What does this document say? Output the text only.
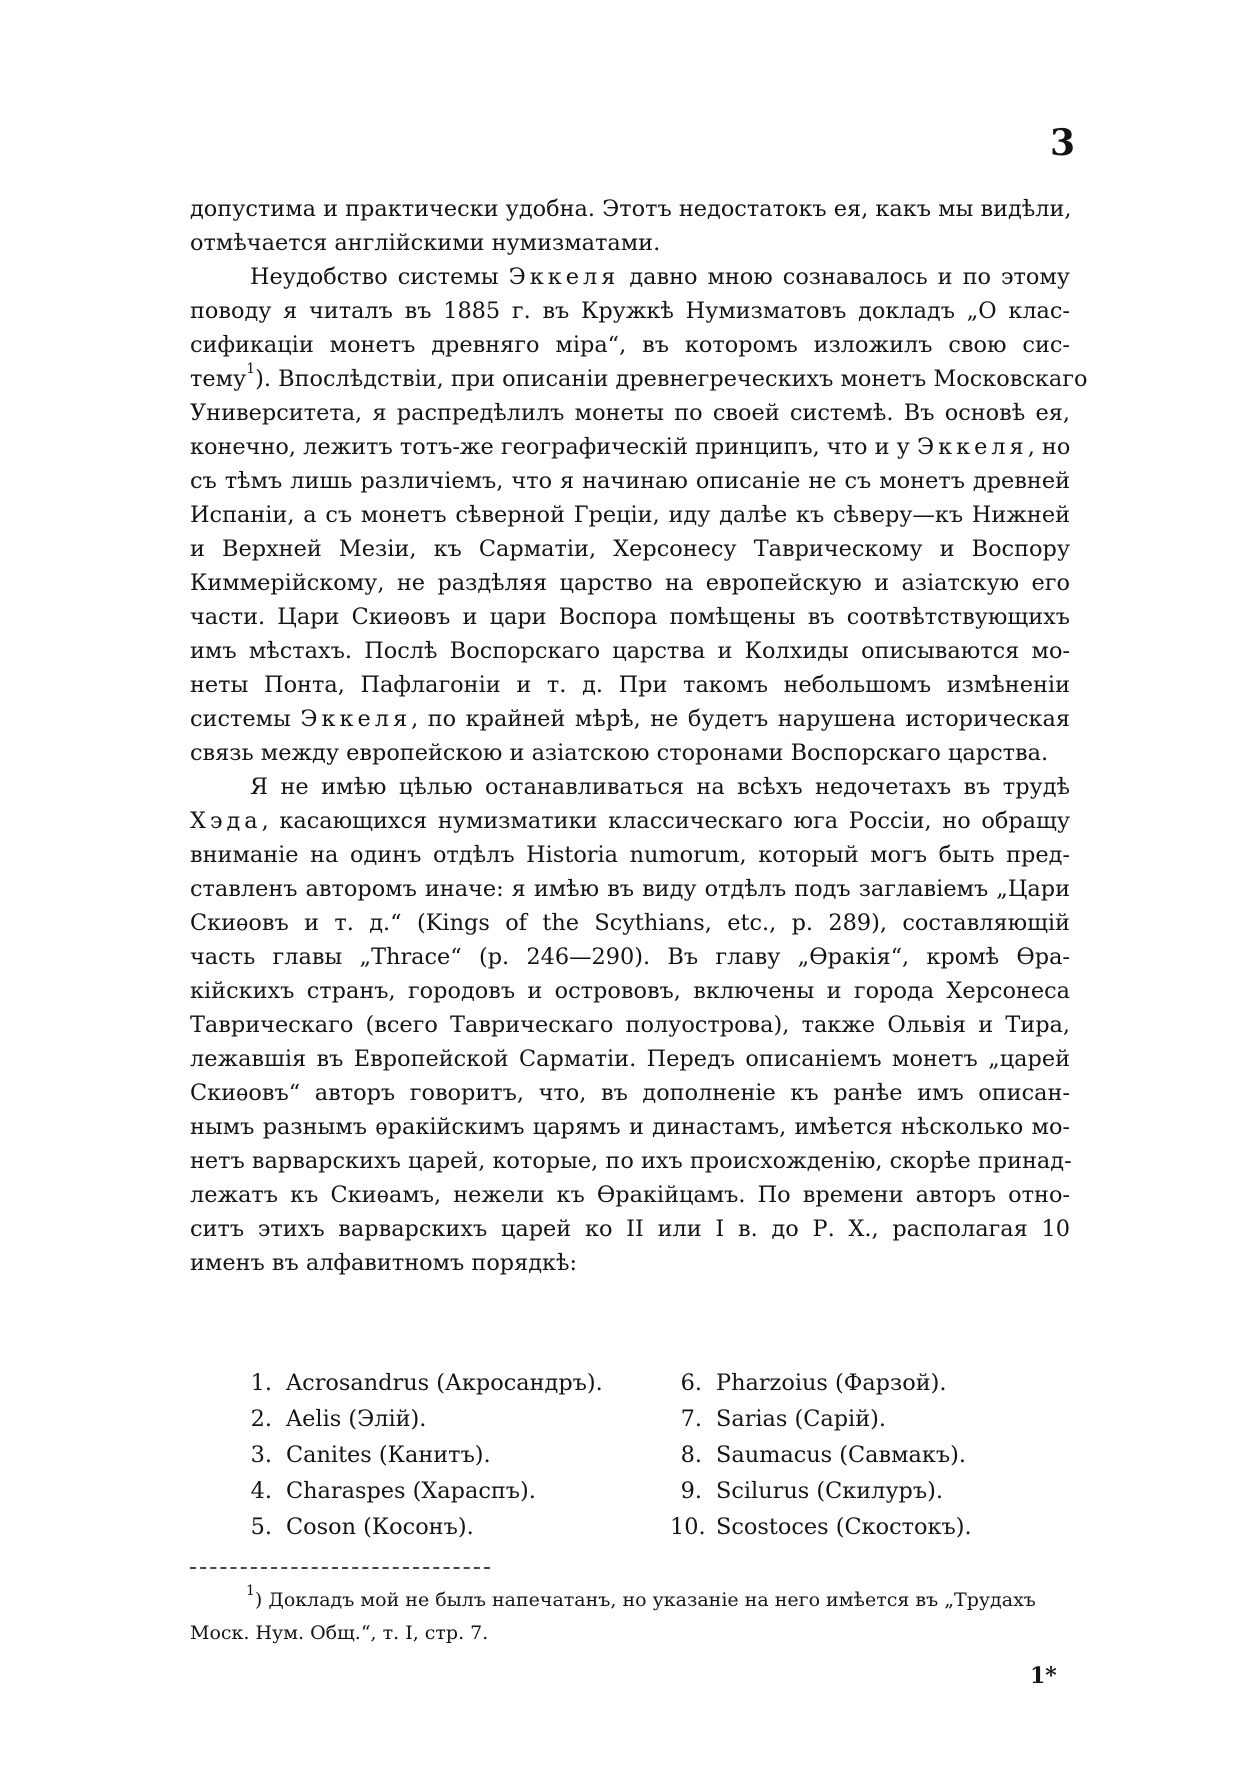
3
допустима и практически удобна. Этотъ недостатокъ ея, какъ мы видѣли,
отмѣчается англійскими нумизматами.
Неудобство системы Эккеля давно мною сознавалось и по этому
поводу я читалъ въ 1885 г. въ Кружкѣ Нумизматовъ докладъ „О клас-
сификаціи монетъ древняго міра“, въ которомъ изложилъ свою сис-
тему$^1$). Впослѣдствіи, при описаніи древнегреческихъ монетъ Московскаго
Университета, я распредѣлилъ монеты по своей системѣ. Въ основѣ ея,
конечно, лежитъ тотъ-же географическій принципъ, что и у Эккеля, но
съ тѣмъ лишь различіемъ, что я начинаю описаніе не съ монетъ древней
Испаніи, а съ монетъ сѣверной Греціи, иду далѣе къ сѣверу—къ Нижней
и Верхней Мезіи, къ Сарматіи, Херсонесу Таврическому и Воспору
Киммерійскому, не раздѣляя царство на европейскую и азіатскую его
части. Цари Скиѳовъ и цари Воспора помѣщены въ соотвѣтствующихъ
имъ мѣстахъ. Послѣ Воспорскаго царства и Колхиды описываются мо-
неты Понта, Пафлагоніи и т. д. При такомъ небольшомъ измѣненіи
системы Эккеля, по крайней мѣрѣ, не будетъ нарушена историческая
связь между европейскою и азіатскою сторонами Воспорскаго царства.
Я не имѣю цѣлью останавливаться на всѣхъ недочетахъ въ трудѣ
Хэда, касающихся нумизматики классическаго юга Россіи, но обращу
вниманіе на одинъ отдѣлъ Historia numorum, который могъ быть пред-
ставленъ авторомъ иначе: я имѣю въ виду отдѣлъ подъ заглавіемъ „Цари
Скиѳовъ и т. д.“ (Kings of the Scythians, etc., p. 289), составляющій
часть главы „Thrace“ (p. 246—290). Въ главу „Ѳракія“, кромѣ Ѳра-
кійскихъ странъ, городовъ и острововъ, включены и города Херсонеса
Таврическаго (всего Таврическаго полуострова), также Ольвія и Тира,
лежавшія въ Европейской Сарматіи. Передъ описаніемъ монетъ „царей
Скиѳовъ“ авторъ говоритъ, что, въ дополненіе къ ранѣе имъ описан-
нымъ разнымъ ѳракійскимъ царямъ и династамъ, имѣется нѣсколько мо-
нетъ варварскихъ царей, которые, по ихъ происхожденію, скорѣе принад-
лежатъ къ Скиѳамъ, нежели къ Ѳракійцамъ. По времени авторъ отно-
ситъ этихъ варварскихъ царей ко II или I в. до Р. Х., располагая 10
именъ въ алфавитномъ порядкѣ:
1. Acrosandrus (Акросандръ).
2. Aelis (Элій).
3. Canites (Канитъ).
4. Charaspes (Хараспъ).
5. Coson (Косонъ).
6. Pharzoius (Фарзой).
7. Sarias (Сарій).
8. Saumacus (Савмакъ).
9. Scilurus (Скилуръ).
10. Scostoces (Скостокъ).
$^1$) Докладъ мой не былъ напечатанъ, но указаніе на него имѣется въ „Трудахъ
Моск. Нум. Общ.“, т. I, стр. 7.
1*
